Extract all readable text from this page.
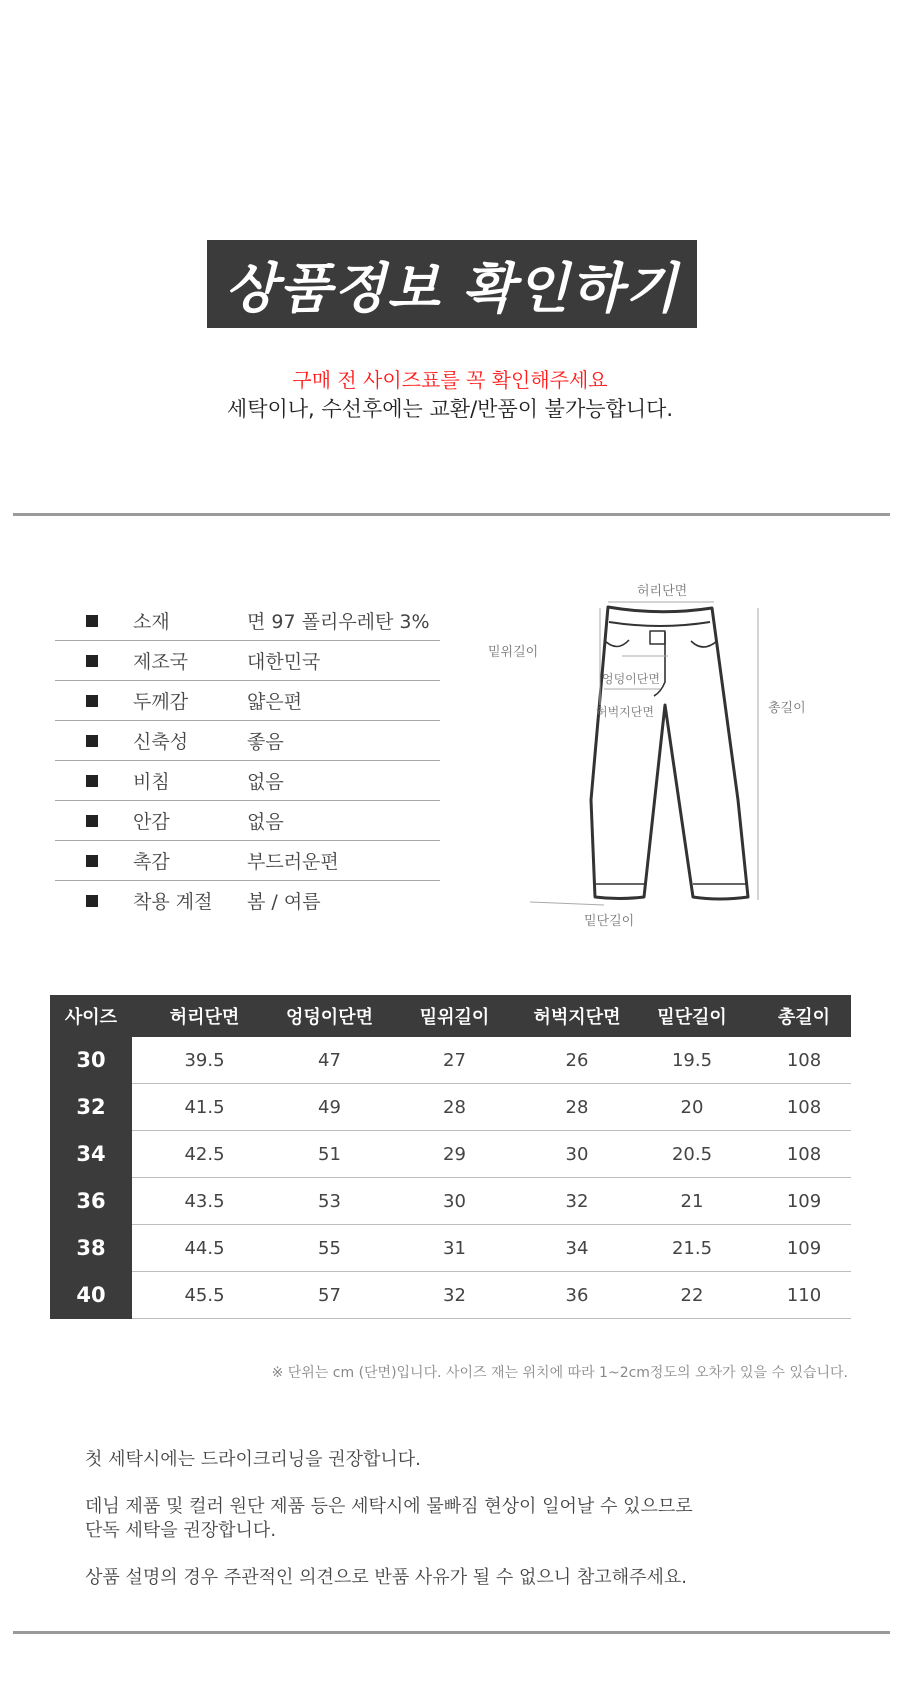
상품정보 확인하기
구매 전 사이즈표를 꼭 확인해주세요
세탁이나, 수선후에는 교환/반품이 불가능합니다.
소재	면 97 폴리우레탄 3%
제조국	대한민국
두께감	얇은편
신축성	좋음
비침	없음
안감	없음
촉감	부드러운편
착용 계절	봄 / 여름
허리단면
밑위길이
엉덩이단면
허벅지단면	총길이
밑단길이
사이즈	허리단면	엉덩이단면	밑위길이	허벅지단면	밑단길이	총길이
30	39.5	47	27	26	19.5	108
32	41.5	49	28	28	20	108
34	42.5	51	29	30	20.5	108
36	43.5	53	30	32	21	109
38	44.5	55	31	34	21.5	109
40	45.5	57	32	36	22	110
※ 단위는 cm (단면)입니다. 사이즈 재는 위치에 따라 1~2cm정도의 오차가 있을 수 있습니다.
첫 세탁시에는 드라이크리닝을 권장합니다.
데님 제품 및 컬러 원단 제품 등은 세탁시에 물빠짐 현상이 일어날 수 있으므로
단독 세탁을 권장합니다.
상품 설명의 경우 주관적인 의견으로 반품 사유가 될 수 없으니 참고해주세요.
